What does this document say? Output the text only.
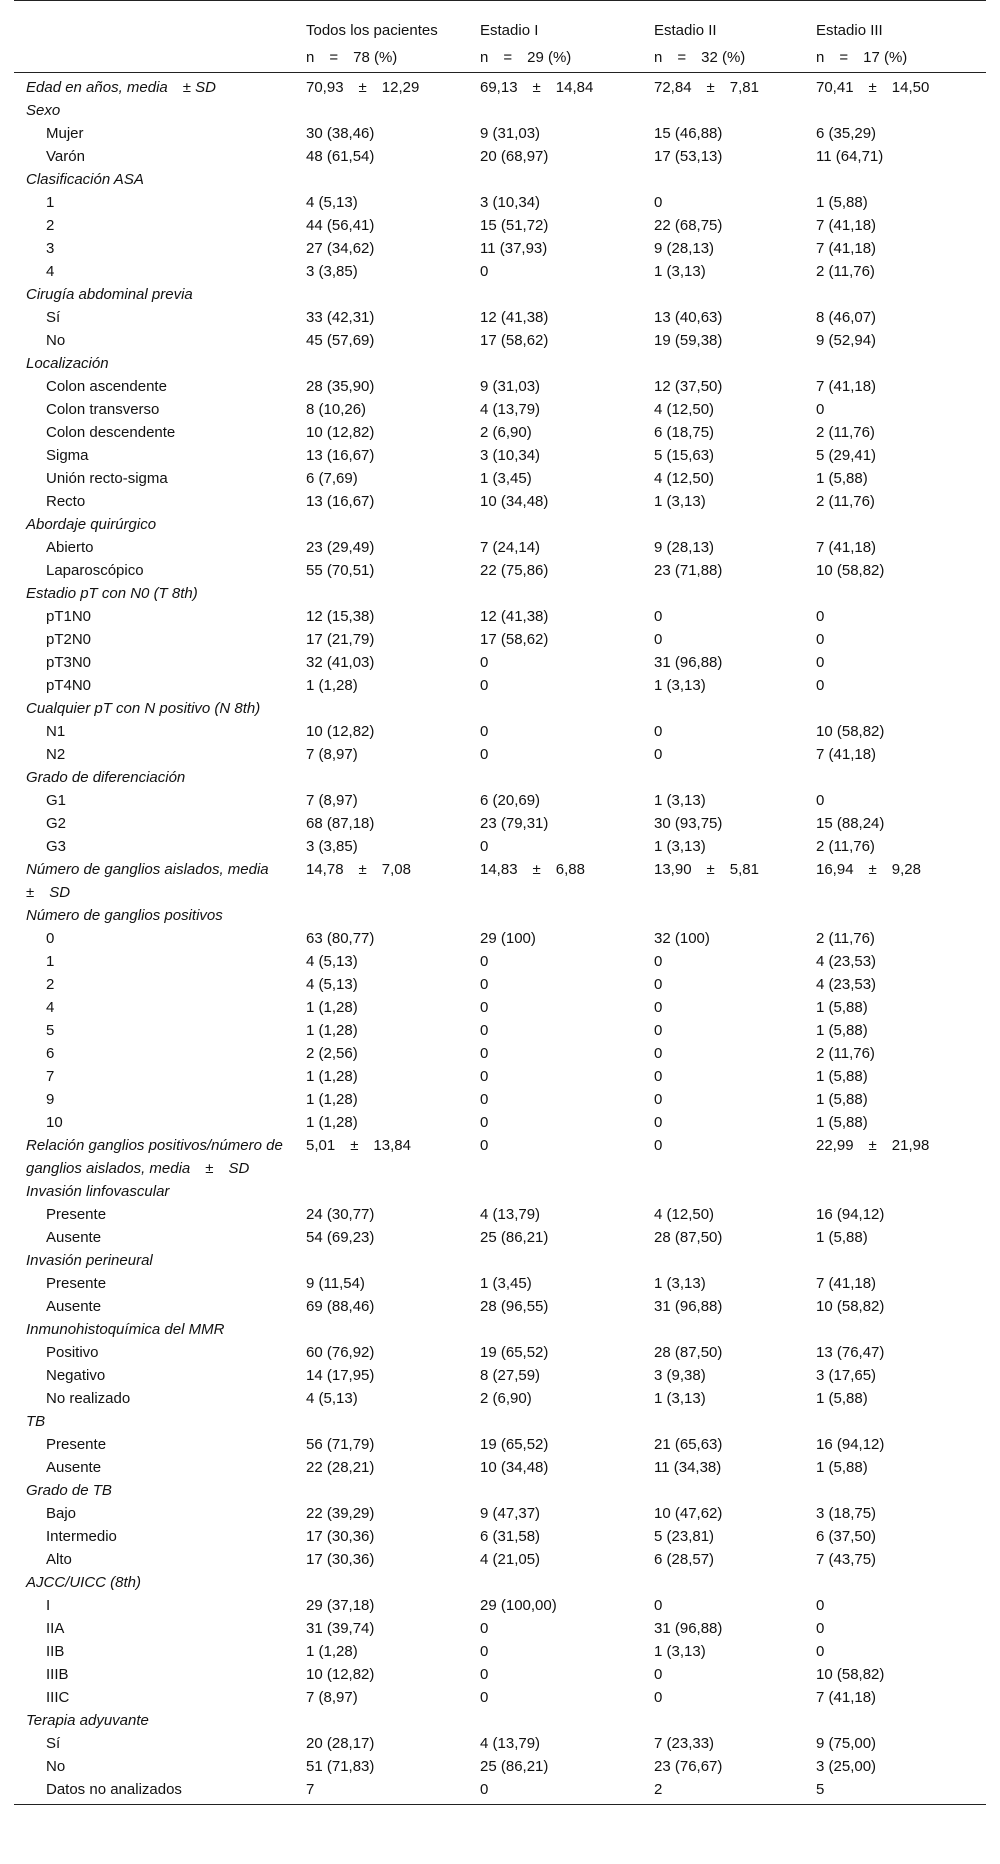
	Todos los pacientes	Estadio I	Estadio II	Estadio III
	n = 78 (%)	n = 29 (%)	n = 32 (%)	n = 17 (%)
Edad en años, media ± SD	70,93 ± 12,29	69,13 ± 14,84	72,84 ± 7,81	70,41 ± 14,50
Sexo				
Mujer	30 (38,46)	9 (31,03)	15 (46,88)	6 (35,29)
Varón	48 (61,54)	20 (68,97)	17 (53,13)	11 (64,71)
Clasificación ASA				
1	4 (5,13)	3 (10,34)	0	1 (5,88)
2	44 (56,41)	15 (51,72)	22 (68,75)	7 (41,18)
3	27 (34,62)	11 (37,93)	9 (28,13)	7 (41,18)
4	3 (3,85)	0	1 (3,13)	2 (11,76)
Cirugía abdominal previa				
Sí	33 (42,31)	12 (41,38)	13 (40,63)	8 (46,07)
No	45 (57,69)	17 (58,62)	19 (59,38)	9 (52,94)
Localización				
Colon ascendente	28 (35,90)	9 (31,03)	12 (37,50)	7 (41,18)
Colon transverso	8 (10,26)	4 (13,79)	4 (12,50)	0
Colon descendente	10 (12,82)	2 (6,90)	6 (18,75)	2 (11,76)
Sigma	13 (16,67)	3 (10,34)	5 (15,63)	5 (29,41)
Unión recto-sigma	6 (7,69)	1 (3,45)	4 (12,50)	1 (5,88)
Recto	13 (16,67)	10 (34,48)	1 (3,13)	2 (11,76)
Abordaje quirúrgico				
Abierto	23 (29,49)	7 (24,14)	9 (28,13)	7 (41,18)
Laparoscópico	55 (70,51)	22 (75,86)	23 (71,88)	10 (58,82)
Estadio pT con N0 (T 8th)				
pT1N0	12 (15,38)	12 (41,38)	0	0
pT2N0	17 (21,79)	17 (58,62)	0	0
pT3N0	32 (41,03)	0	31 (96,88)	0
pT4N0	1 (1,28)	0	1 (3,13)	0
Cualquier pT con N positivo (N 8th)				
N1	10 (12,82)	0	0	10 (58,82)
N2	7 (8,97)	0	0	7 (41,18)
Grado de diferenciación				
G1	7 (8,97)	6 (20,69)	1 (3,13)	0
G2	68 (87,18)	23 (79,31)	30 (93,75)	15 (88,24)
G3	3 (3,85)	0	1 (3,13)	2 (11,76)
Número de ganglios aislados, media ± SD	14,78 ± 7,08	14,83 ± 6,88	13,90 ± 5,81	16,94 ± 9,28
Número de ganglios positivos				
0	63 (80,77)	29 (100)	32 (100)	2 (11,76)
1	4 (5,13)	0	0	4 (23,53)
2	4 (5,13)	0	0	4 (23,53)
4	1 (1,28)	0	0	1 (5,88)
5	1 (1,28)	0	0	1 (5,88)
6	2 (2,56)	0	0	2 (11,76)
7	1 (1,28)	0	0	1 (5,88)
9	1 (1,28)	0	0	1 (5,88)
10	1 (1,28)	0	0	1 (5,88)
Relación ganglios positivos/número de ganglios aislados, media ± SD	5,01 ± 13,84	0	0	22,99 ± 21,98
Invasión linfovascular				
Presente	24 (30,77)	4 (13,79)	4 (12,50)	16 (94,12)
Ausente	54 (69,23)	25 (86,21)	28 (87,50)	1 (5,88)
Invasión perineural				
Presente	9 (11,54)	1 (3,45)	1 (3,13)	7 (41,18)
Ausente	69 (88,46)	28 (96,55)	31 (96,88)	10 (58,82)
Inmunohistoquímica del MMR				
Positivo	60 (76,92)	19 (65,52)	28 (87,50)	13 (76,47)
Negativo	14 (17,95)	8 (27,59)	3 (9,38)	3 (17,65)
No realizado	4 (5,13)	2 (6,90)	1 (3,13)	1 (5,88)
TB				
Presente	56 (71,79)	19 (65,52)	21 (65,63)	16 (94,12)
Ausente	22 (28,21)	10 (34,48)	11 (34,38)	1 (5,88)
Grado de TB				
Bajo	22 (39,29)	9 (47,37)	10 (47,62)	3 (18,75)
Intermedio	17 (30,36)	6 (31,58)	5 (23,81)	6 (37,50)
Alto	17 (30,36)	4 (21,05)	6 (28,57)	7 (43,75)
AJCC/UICC (8th)				
I	29 (37,18)	29 (100,00)	0	0
IIA	31 (39,74)	0	31 (96,88)	0
IIB	1 (1,28)	0	1 (3,13)	0
IIIB	10 (12,82)	0	0	10 (58,82)
IIIC	7 (8,97)	0	0	7 (41,18)
Terapia adyuvante				
Sí	20 (28,17)	4 (13,79)	7 (23,33)	9 (75,00)
No	51 (71,83)	25 (86,21)	23 (76,67)	3 (25,00)
Datos no analizados	7	0	2	5
